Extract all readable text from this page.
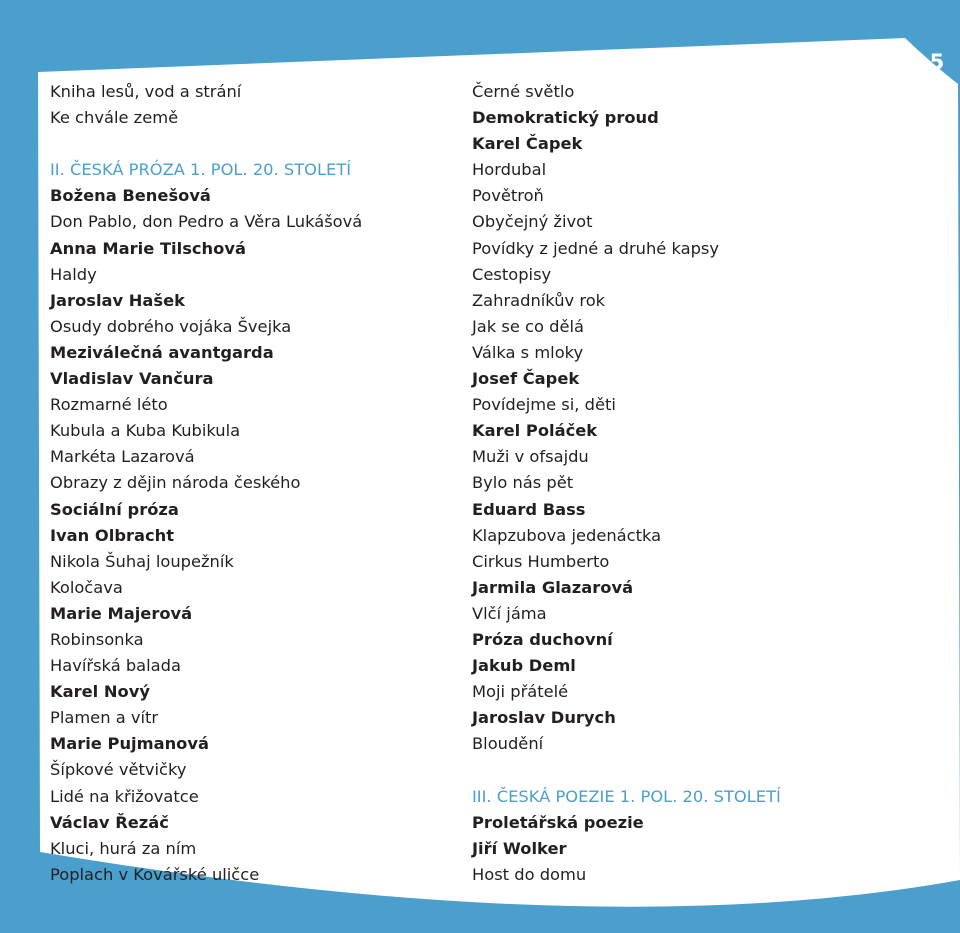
15
Kniha lesů, vod a strání
Ke chvále země
II. ČESKÁ PRÓZA 1. POL. 20. STOLETÍ
Božena Benešová
Don Pablo, don Pedro a Věra Lukášová
Anna Marie Tilschová
Haldy
Jaroslav Hašek
Osudy dobrého vojáka Švejka
Meziválečná avantgarda
Vladislav Vančura
Rozmarné léto
Kubula a Kuba Kubikula
Markéta Lazarová
Obrazy z dějin národa českého
Sociální próza
Ivan Olbracht
Nikola Šuhaj loupežník
Koločava
Marie Majerová
Robinsonka
Havířská balada
Karel Nový
Plamen a vítr
Marie Pujmanová
Šípkové větvičky
Lidé na křižovatce
Václav Řezáč
Kluci, hurá za ním
Poplach v Kovářské uličce
Černé světlo
Demokratický proud
Karel Čapek
Hordubal
Povětroň
Obyčejný život
Povídky z jedné a druhé kapsy
Cestopisy
Zahradníkův rok
Jak se co dělá
Válka s mloky
Josef Čapek
Povídejme si, děti
Karel Poláček
Muži v ofsajdu
Bylo nás pět
Eduard Bass
Klapzubova jedenáctka
Cirkus Humberto
Jarmila Glazarová
Vlčí jáma
Próza duchovní
Jakub Deml
Moji přátelé
Jaroslav Durych
Bloudění
III. ČESKÁ POEZIE 1. POL. 20. STOLETÍ
Proletářská poezie
Jiří Wolker
Host do domu
